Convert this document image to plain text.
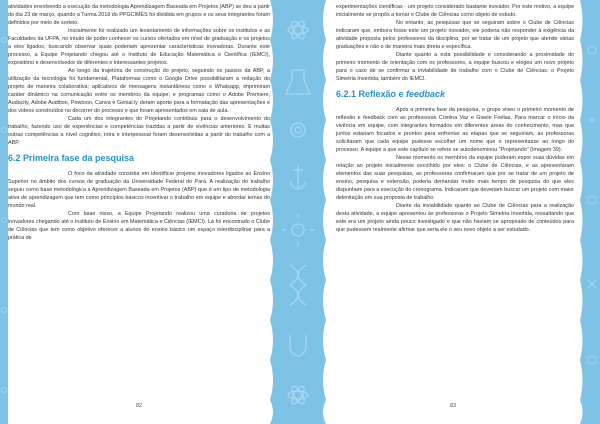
atividades envolvendo a execução da metodologia Aprendizagem Baseada em Projetos (ABP) se deu a partir do dia 23 de março, quando a Turma 2018 do PPGCIMES foi dividida em grupos e os seus integrantes foram definidos por meio de sorteio.

Inicialmente foi realizado um levantamento de informações sobre os institutos e as Faculdades da UFPA, no intuito de poder conhecer os cursos ofertados em nível de graduação e os projetos a eles ligados, buscando observar quais poderiam apresentar características inovadoras. Durante este processo, a Equipe Projetando chegou até o Instituto de Educação Matemática e Científica (IEMCI), expositório e desenvolvedor de diferentes e interessantes projetos.

Ao longo da trajetória de construção do projeto, seguindo os passos da ABP, a utilização da tecnologia foi fundamental. Plataformas como o Google Drive possibilitaram a redação do projeto de maneira colaborativa; aplicativos de mensagens instantâneos como o Whatsapp, imprimiram caráter dinâmico na comunicação entre os membros da equipe; e programas como o Adobe Premiere, Audacity, Adobe Audition, Powtoon, Canva e Genial.ly deram aporte para a formatação das apresentações e dos vídeos construídos no decorrer do processo e que foram apresentados em sala de aula.

Cada um dos integrantes do Projetando contribuiu para o desenvolvimento do trabalho, fazendo uso de experiências e competências trazidas a partir de vivências anteriores. E muitas outras competências a nível cognitivo, intra e interpessoal foram desenvolvidas a partir do trabalho com a ABP.

6.2 Primeira fase da pesquisa

O foco da atividade consistia em identificar projetos inovadores ligados ao Ensino Superior no âmbito dos cursos de graduação da Universidade Federal do Pará. A realização do trabalho seguiu como base metodológica a Aprendizagem Baseada em Projetos (ABP) que é um tipo de metodologia ativa de aprendizagem que tem como princípios básicos incentivar o trabalho em equipe e abordar temas do mundo real.

Com base nisso, a Equipe Projetando realizou uma curadoria de projetos inovadores chegando até o Instituto de Ensino em Matemática e Ciências (IEMCI). Lá foi encontrado o Clube de Ciências que tem como objetivo oferecer a alunos do ensino básico um espaço interdisciplinar para a prática de

82

experimentações científicas - um projeto considerado bastante inovador. Por este motivo, a equipe inicialmente se propôs a tomar o Clube de Ciências como objeto de estudo.

No entanto, as pesquisas que se seguiram sobre o Clube de Ciências indicaram que, embora fosse este um projeto inovador, ele poderia não responder à exigência da atividade proposta pelos professores da disciplina, por se tratar de um projeto que atende várias graduações e não o de maneira mais direta e específica.

Diante quanto a esta possibilidade e considerando a proximidade do primeiro momento de orientação com os professores, a equipe buscou e elegeu um novo projeto para o caso de se confirmar a inviabilidade de trabalho com o Clube de Ciências: o Projeto Simetria Invertida, também do IEMCI.

6.2.1 Reflexão e feedback

Após a primeira fase da pesquisa, o grupo viveu o primeiro momento de reflexão e feedback com as professoras Cristina Vaz e Gisele Freitas. Para marcar o início da vivência em equipe, com integrantes formados em diferentes áreas do conhecimento, mas que juntos estariam focados e prontos para enfrentar as etapas que se seguiriam, as professoras solicitaram que cada equipe pudesse escolher um nome que o representasse ao longo do processo. A equipe a que este capítulo se refere se autodenominou "Projetando" (Imagem 39).

Nesse momento os membros da equipe puderam expor suas dúvidas em relação ao projeto inicialmente escolhido por eles: o Clube de Ciências, e as apresentaram elementos das suas pesquisas, as professoras confirmaram que por se tratar de um projeto de ensino, pesquisa e extensão, poderia demandar muito mais tempo de pesquisa do que eles dispunham para a execução do cronograma. Indicaram que deveriam buscar um projeto com maior delimitação em sua proposta de trabalho.

Diante da inviabilidade quanto ao Clube de Ciências para a realização desta atividade, a equipe apresentou às professoras o Projeto Simetria Invertida, ressaltando que este era um projeto ainda pouco investigado e que não haviam se apropriado de conteúdos para que pudessem realmente afirmar que seria ele o seu novo objeto a ser estudado.

83
